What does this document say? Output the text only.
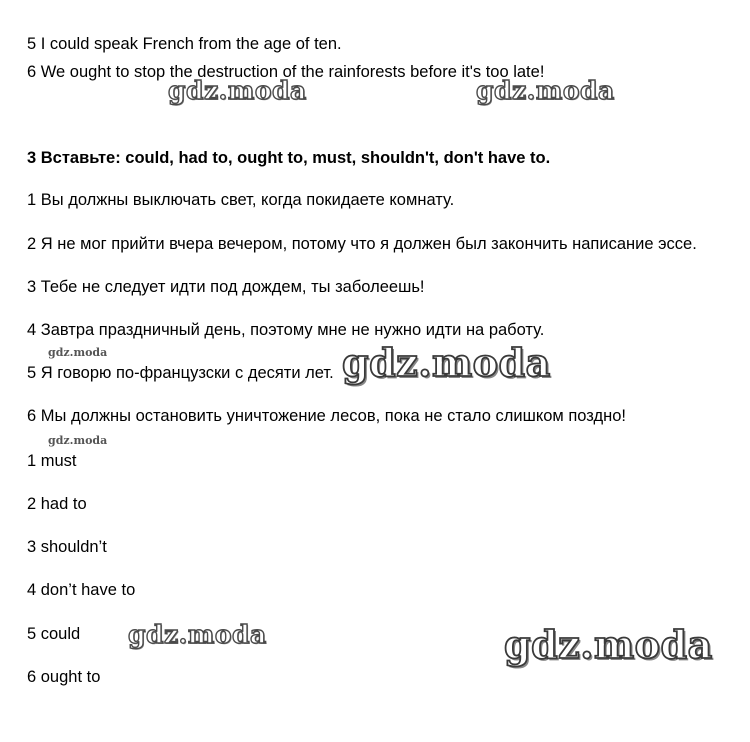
5 I could speak French from the age of ten.
6 We ought to stop the destruction of the rainforests before it's too late!
3 Вставьте: could, had to, ought to, must, shouldn't, don't have to.
1 Вы должны выключать свет, когда покидаете комнату.
2 Я не мог прийти вчера вечером, потому что я должен был закончить написание эссе.
3 Тебе не следует идти под дождем, ты заболеешь!
4 Завтра праздничный день, поэтому мне не нужно идти на работу.
5 Я говорю по-французски с десяти лет.
6 Мы должны остановить уничтожение лесов, пока не стало слишком поздно!
1 must
2 had to
3 shouldn’t
4 don’t have to
5 could
6 ought to
gdz.moda	gdz.moda
gdz.moda	gdz.moda
gdz.moda
gdz.moda	gdz.moda
